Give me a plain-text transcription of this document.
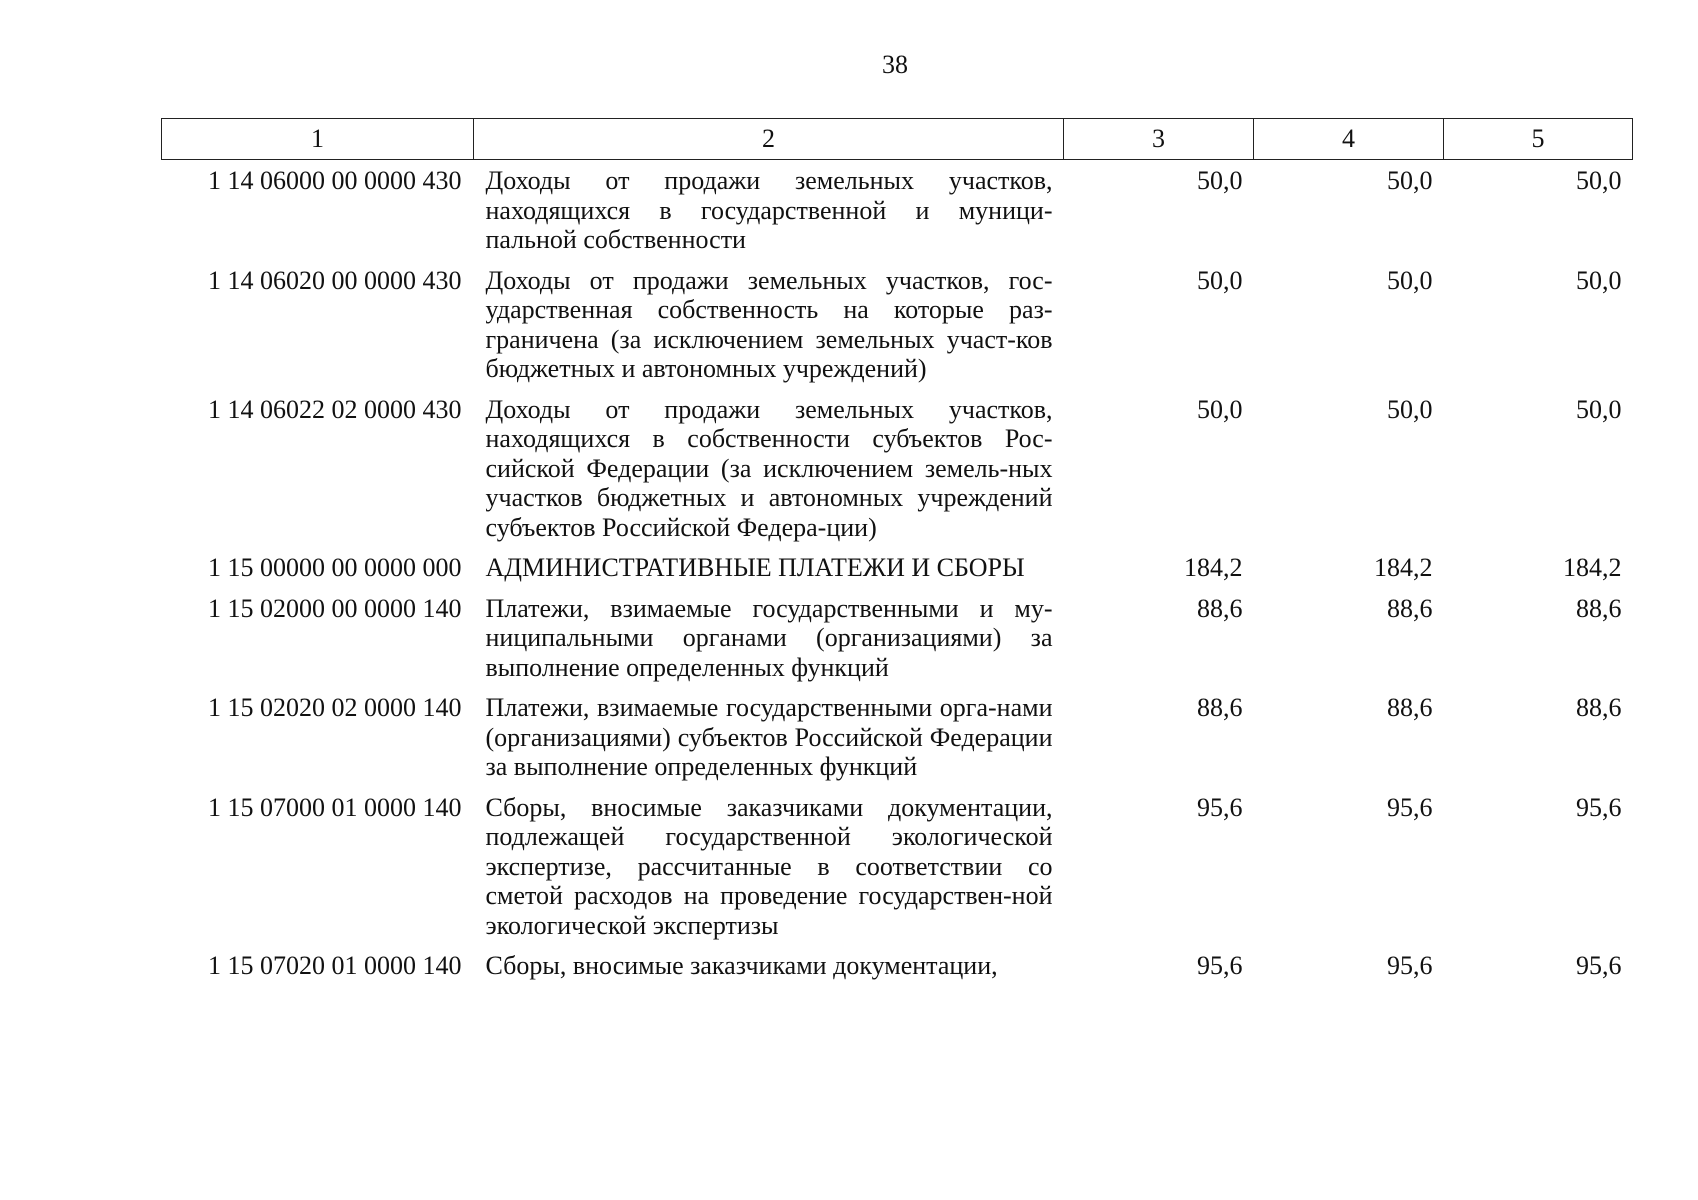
38
1	2	3	4	5
1 14 06000 00 0000 430	Доходы от продажи земельных участков, находящихся в государственной и муници-пальной собственности	50,0	50,0	50,0
1 14 06020 00 0000 430	Доходы от продажи земельных участков, гос-ударственная собственность на которые раз-граничена (за исключением земельных участ-ков бюджетных и автономных учреждений)	50,0	50,0	50,0
1 14 06022 02 0000 430	Доходы от продажи земельных участков, находящихся в собственности субъектов Рос-сийской Федерации (за исключением земель-ных участков бюджетных и автономных учреждений субъектов Российской Федера-ции)	50,0	50,0	50,0
1 15 00000 00 0000 000	АДМИНИСТРАТИВНЫЕ ПЛАТЕЖИ И СБОРЫ	184,2	184,2	184,2
1 15 02000 00 0000 140	Платежи, взимаемые государственными и му-ниципальными органами (организациями) за выполнение определенных функций	88,6	88,6	88,6
1 15 02020 02 0000 140	Платежи, взимаемые государственными орга-нами (организациями) субъектов Российской Федерации за выполнение определенных функций	88,6	88,6	88,6
1 15 07000 01 0000 140	Сборы, вносимые заказчиками документации, подлежащей государственной экологической экспертизе, рассчитанные в соответствии со сметой расходов на проведение государствен-ной экологической экспертизы	95,6	95,6	95,6
1 15 07020 01 0000 140	Сборы, вносимые заказчиками документации,	95,6	95,6	95,6
